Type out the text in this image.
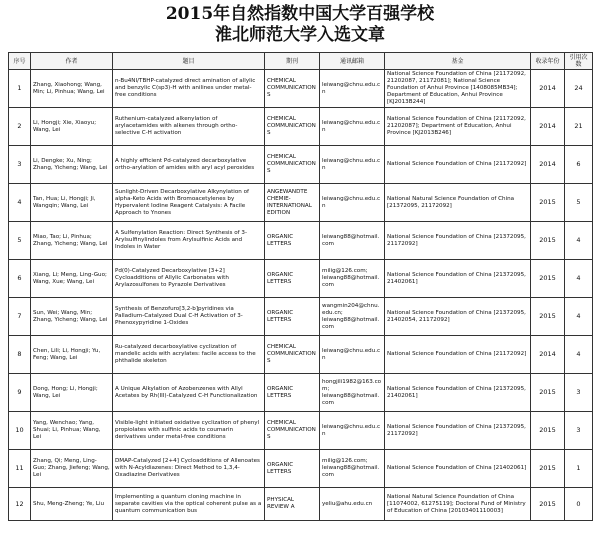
2015年自然指数中国大学百强学校
淮北师范大学入选文章
序号	作者	题目	期刊	通讯邮箱	基金	收录年份	引用次数
1	Zhang, Xiaohong; Wang, Min; Li, Pinhua; Wang, Lei	n-Bu4NI/TBHP-catalyzed direct amination of allylic and benzylic C(sp3)-H with anilines under metal-free conditions	CHEMICAL COMMUNICATIONS	leiwang@chnu.edu.cn	National Science Foundation of China [21172092, 21202087, 21172081]; National Science Foundation of Anhui Province [1408085MB34]; Department of Education, Anhui Province [KJ2013B244]	2014	24
2	Li, Hongji; Xie, Xiaoyu; Wang, Lei	Ruthenium-catalyzed alkenylation of arylacetamides with alkenes through ortho-selective C-H activation	CHEMICAL COMMUNICATIONS	leiwang@chnu.edu.cn	National Science Foundation of China [21172092, 21202087]; Department of Education, Anhui Province [KJ2013B246]	2014	21
3	Li, Dengke; Xu, Ning; Zhang, Yicheng; Wang, Lei	A highly efficient Pd-catalyzed decarboxylative ortho-arylation of amides with aryl acyl peroxides	CHEMICAL COMMUNICATIONS	leiwang@chnu.edu.cn	National Science Foundation of China [21172092]	2014	6
4	Tan, Hua; Li, Hongji; Ji, Wangqin; Wang, Lei	Sunlight-Driven Decarboxylative Alkynylation of alpha-Keto Acids with Bromoacetylenes by Hypervalent Iodine Reagent Catalysis: A Facile Approach to Ynones	ANGEWANDTE CHEMIE-INTERNATIONAL EDITION	leiwang@chnu.edu.cn	National Natural Science Foundation of China [21372095, 21172092]	2015	5
5	Miao, Tao; Li, Pinhua; Zhang, Yicheng; Wang, Lei	A Sulfenylation Reaction: Direct Synthesis of 3-Arylsulfinylindoles from Arylsulfinic Acids and Indoles in Water	ORGANIC LETTERS	leiwang88@hotmail.com	National Science Foundation of China [21372095, 21172092]	2015	4
6	Xiang, Li; Meng, Ling-Guo; Wang, Xue; Wang, Lei	Pd(0)-Catalyzed Decarboxylative [3+2] Cycloadditions of Allylic Carbonates with Arylazosulfones to Pyrazole Derivatives	ORGANIC LETTERS	milig@126.com; leiwang88@hotmail.com	National Science Foundation of China [21372095, 21402061]	2015	4
7	Sun, Wei; Wang, Min; Zhang, Yicheng; Wang, Lei	Synthesis of Benzofuro[3,2-b]pyridines via Palladium-Catalyzed Dual C-H Activation of 3-Phenoxypyridine 1-Oxides	ORGANIC LETTERS	wangmin204@chnu.edu.cn; leiwang88@hotmail.com	National Science Foundation of China [21372095, 21402054, 21172092]	2015	4
8	Chen, Lili; Li, Hongji; Yu, Feng; Wang, Lei	Ru-catalyzed decarboxylative cyclization of mandelic acids with acrylates: facile access to the phthalide skeleton	CHEMICAL COMMUNICATIONS	leiwang@chnu.edu.cn	National Science Foundation of China [21172092]	2014	4
9	Dong, Hong; Li, Hongji; Wang, Lei	A Unique Alkylation of Azobenzenes with Allyl Acetates by Rh(III)-Catalyzed C-H Functionalization	ORGANIC LETTERS	hongjili1982@163.com; leiwang88@hotmail.com	National Science Foundation of China [21372095, 21402061]	2015	3
10	Yang, Wenchao; Yang, Shuai; Li, Pinhua; Wang, Lei	Visible-light initiated oxidative cyclization of phenyl propiolates with sulfinic acids to coumarin derivatives under metal-free conditions	CHEMICAL COMMUNICATIONS	leiwang@chnu.edu.cn	National Science Foundation of China [21372095, 21172092]	2015	3
11	Zhang, Qi; Meng, Ling-Guo; Zhang, Jiefeng; Wang, Lei	DMAP-Catalyzed [2+4] Cycloadditions of Allenoates with N-Acyldiazenes: Direct Method to 1,3,4-Oxadiazine Derivatives	ORGANIC LETTERS	milig@126.com; leiwang88@hotmail.com	National Science Foundation of China [21402061]	2015	1
12	Shu, Meng-Zheng; Ye, Liu	Implementing a quantum cloning machine in separate cavities via the optical coherent pulse as a quantum communication bus	PHYSICAL REVIEW A	yeliu@ahu.edu.cn	National Natural Science Foundation of China [11074002, 61275119]; Doctoral Fund of Ministry of Education of China [20103401110003]	2015	0
